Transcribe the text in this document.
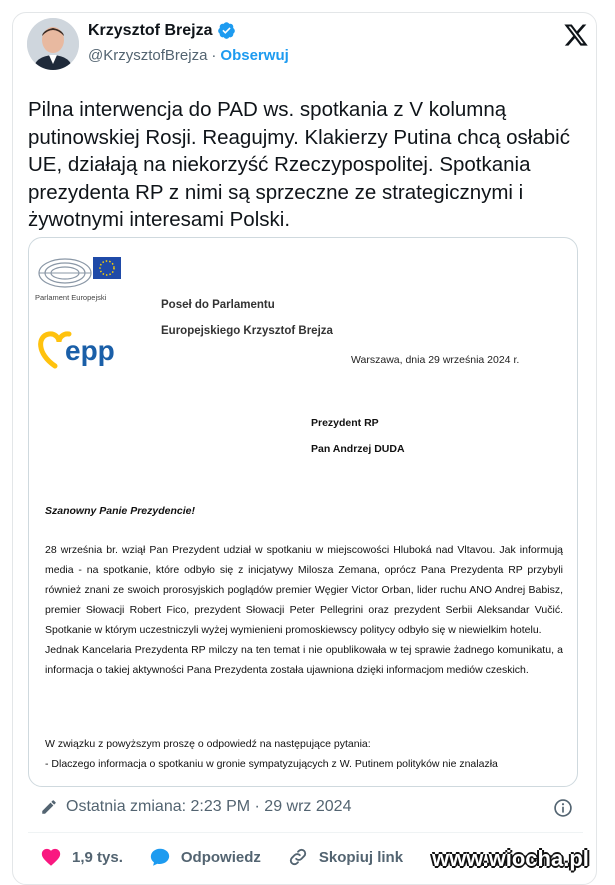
Krzysztof Brejza
@KrzysztofBrejza · Obserwuj
Pilna interwencja do PAD ws. spotkania z V kolumną putinowskiej Rosji. Reagujmy. Klakierzy Putina chcą osłabić UE, działają na niekorzyść Rzeczypospolitej. Spotkania prezydenta RP z nimi są sprzeczne ze strategicznymi i żywotnymi interesami Polski.
Parlament Europejski
epp
Poseł do Parlamentu
Europejskiego Krzysztof Brejza
Warszawa, dnia 29 września 2024 r.
Prezydent RP
Pan Andrzej DUDA
Szanowny Panie Prezydencie!

28 września br. wziął Pan Prezydent udział w spotkaniu w miejscowości Hluboká nad Vltavou. Jak informują media - na spotkanie, które odbyło się z inicjatywy Milosza Zemana, oprócz Pana Prezydenta RP przybyli również znani ze swoich prorosyjskich poglądów premier Węgier Victor Orban, lider ruchu ANO Andrej Babisz, premier Słowacji Robert Fico, prezydent Słowacji Peter Pellegrini oraz prezydent Serbii Aleksandar Vučić. Spotkanie w którym uczestniczyli wyżej wymienieni promoskiewscy politycy odbyło się w niewielkim hotelu.

Jednak Kancelaria Prezydenta RP milczy na ten temat i nie opublikowała w tej sprawie żadnego komunikatu, a informacja o takiej aktywności Pana Prezydenta została ujawniona dzięki informacjom mediów czeskich.

W związku z powyższym proszę o odpowiedź na następujące pytania:
- Dlaczego informacja o spotkaniu w gronie sympatyzujących z W. Putinem polityków nie znalazła
Ostatnia zmiana: 2:23 PM · 29 wrz 2024
1,9 tys.	Odpowiedz	Skopiuj link www.wiocha.pl
